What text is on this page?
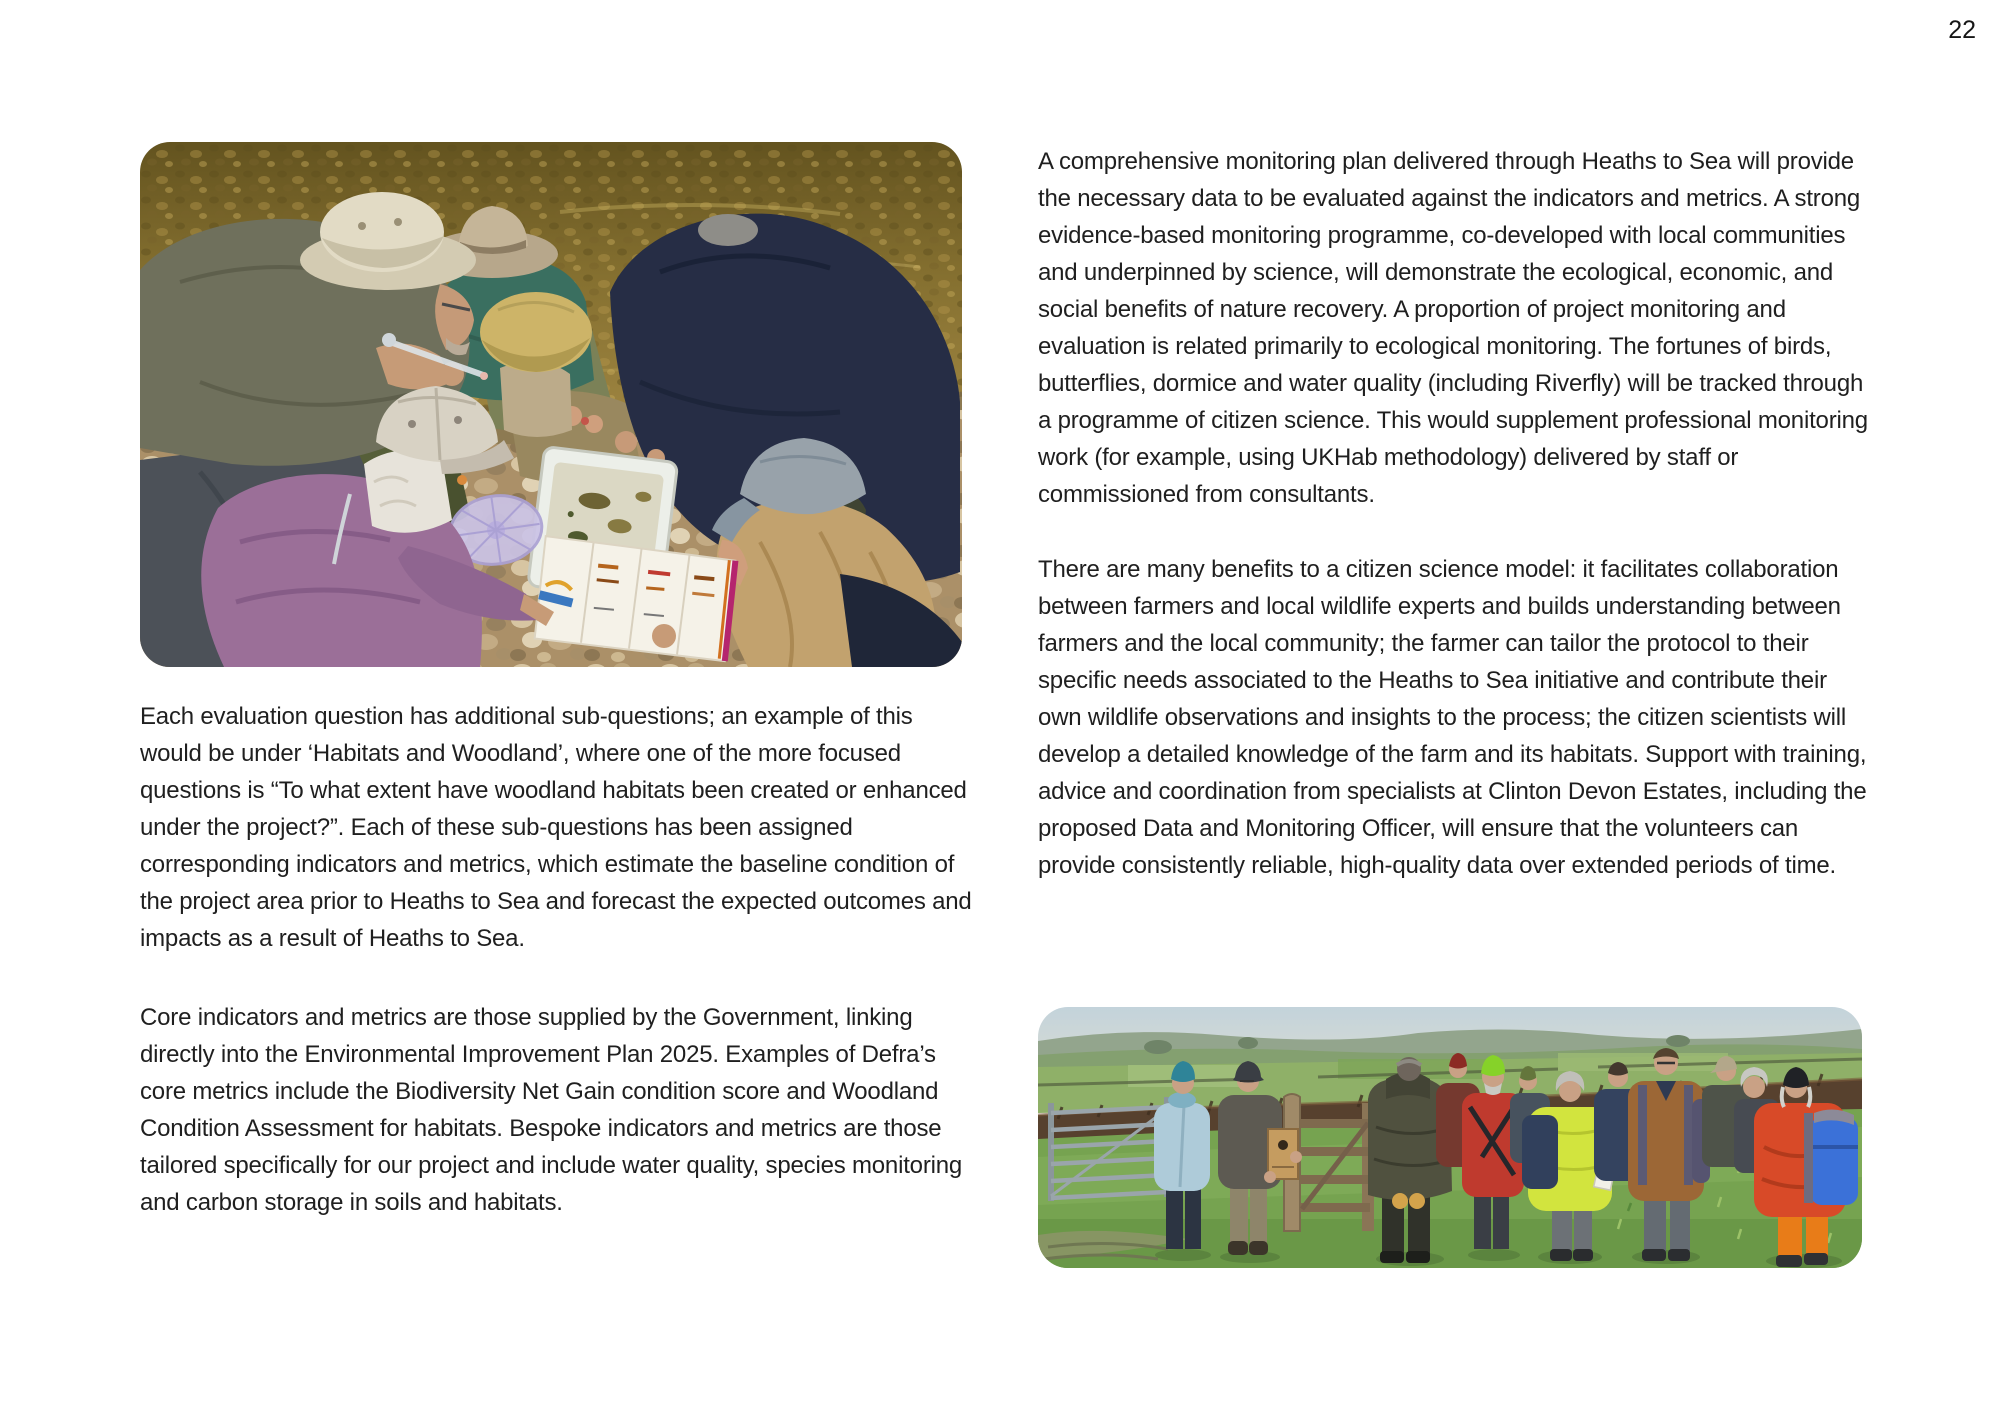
22

Each evaluation question has additional sub-questions; an example of this would be under ‘Habitats and Woodland’, where one of the more focused questions is “To what extent have woodland habitats been created or enhanced under the project?”. Each of these sub-questions has been assigned corresponding indicators and metrics, which estimate the baseline condition of the project area prior to Heaths to Sea and forecast the expected outcomes and impacts as a result of Heaths to Sea.

Core indicators and metrics are those supplied by the Government, linking directly into the Environmental Improvement Plan 2025. Examples of Defra’s core metrics include the Biodiversity Net Gain condition score and Woodland Condition Assessment for habitats. Bespoke indicators and metrics are those tailored specifically for our project and include water quality, species monitoring and carbon storage in soils and habitats.

A comprehensive monitoring plan delivered through Heaths to Sea will provide the necessary data to be evaluated against the indicators and metrics. A strong evidence-based monitoring programme, co-developed with local communities and underpinned by science, will demonstrate the ecological, economic, and social benefits of nature recovery. A proportion of project monitoring and evaluation is related primarily to ecological monitoring. The fortunes of birds, butterflies, dormice and water quality (including Riverfly) will be tracked through a programme of citizen science. This would supplement professional monitoring work (for example, using UKHab methodology) delivered by staff or commissioned from consultants.

There are many benefits to a citizen science model: it facilitates collaboration between farmers and local wildlife experts and builds understanding between farmers and the local community; the farmer can tailor the protocol to their specific needs associated to the Heaths to Sea initiative and contribute their own wildlife observations and insights to the process; the citizen scientists will develop a detailed knowledge of the farm and its habitats. Support with training, advice and coordination from specialists at Clinton Devon Estates, including the proposed Data and Monitoring Officer, will ensure that the volunteers can provide consistently reliable, high-quality data over extended periods of time.
